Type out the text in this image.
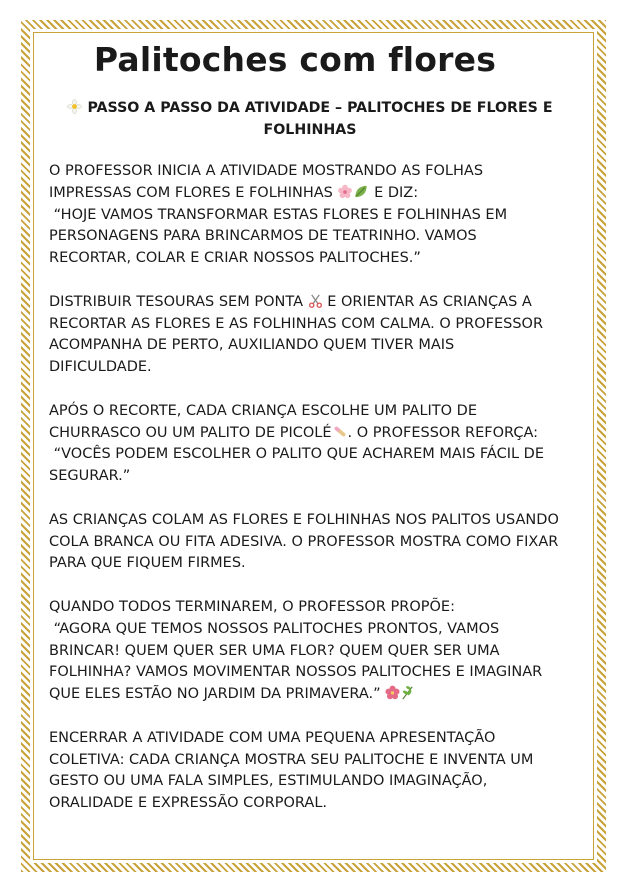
Palitoches com flores
PASSO A PASSO DA ATIVIDADE – PALITOCHES DE FLORES E
FOLHINHAS
O PROFESSOR INICIA A ATIVIDADE MOSTRANDO AS FOLHAS
IMPRESSAS COM FLORES E FOLHINHAS	E DIZ:
“HOJE VAMOS TRANSFORMAR ESTAS FLORES E FOLHINHAS EM
PERSONAGENS PARA BRINCARMOS DE TEATRINHO. VAMOS
RECORTAR, COLAR E CRIAR NOSSOS PALITOCHES.”
DISTRIBUIR TESOURAS SEM PONTA E ORIENTAR AS CRIANÇAS A
RECORTAR AS FLORES E AS FOLHINHAS COM CALMA. O PROFESSOR
ACOMPANHA DE PERTO, AUXILIANDO QUEM TIVER MAIS
DIFICULDADE.
APÓS O RECORTE, CADA CRIANÇA ESCOLHE UM PALITO DE
CHURRASCO OU UM PALITO DE PICOLÉ . O PROFESSOR REFORÇA:
“VOCÊS PODEM ESCOLHER O PALITO QUE ACHAREM MAIS FÁCIL DE
SEGURAR.”
AS CRIANÇAS COLAM AS FLORES E FOLHINHAS NOS PALITOS USANDO
COLA BRANCA OU FITA ADESIVA. O PROFESSOR MOSTRA COMO FIXAR
PARA QUE FIQUEM FIRMES.
QUANDO TODOS TERMINAREM, O PROFESSOR PROPÕE:
“AGORA QUE TEMOS NOSSOS PALITOCHES PRONTOS, VAMOS
BRINCAR! QUEM QUER SER UMA FLOR? QUEM QUER SER UMA
FOLHINHA? VAMOS MOVIMENTAR NOSSOS PALITOCHES E IMAGINAR
QUE ELES ESTÃO NO JARDIM DA PRIMAVERA.”
ENCERRAR A ATIVIDADE COM UMA PEQUENA APRESENTAÇÃO
COLETIVA: CADA CRIANÇA MOSTRA SEU PALITOCHE E INVENTA UM
GESTO OU UMA FALA SIMPLES, ESTIMULANDO IMAGINAÇÃO,
ORALIDADE E EXPRESSÃO CORPORAL.
